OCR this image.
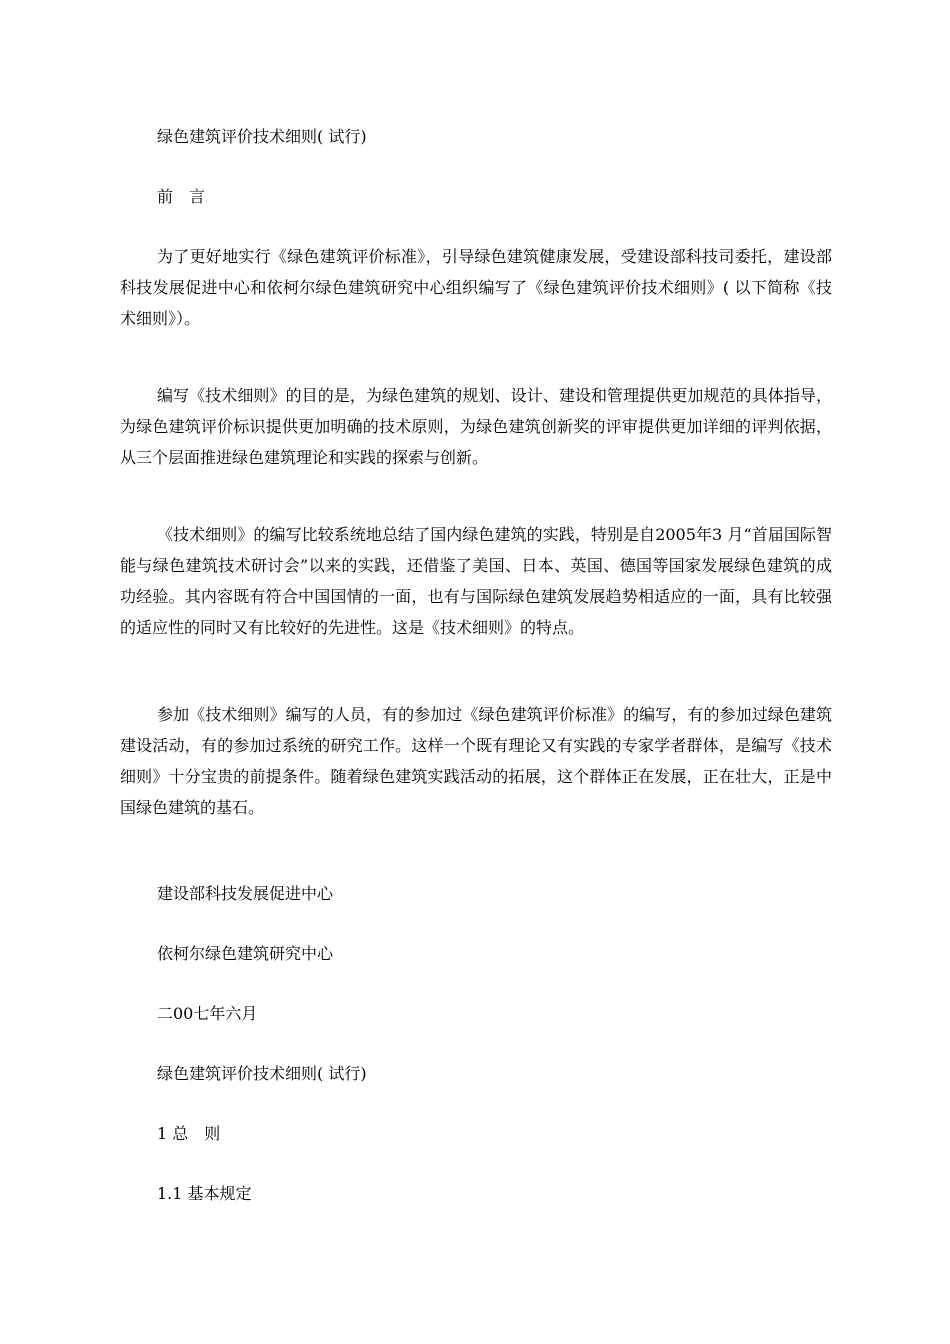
绿色建筑评价技术细则( 试行)
前　言
为了更好地实行《绿色建筑评价标准》，引导绿色建筑健康发展，受建设部科技司委托，建设部科技发展促进中心和依柯尔绿色建筑研究中心组织编写了《绿色建筑评价技术细则》( 以下简称《技术细则》）。
编写《技术细则》的目的是，为绿色建筑的规划、设计、建设和管理提供更加规范的具体指导，为绿色建筑评价标识提供更加明确的技术原则，为绿色建筑创新奖的评审提供更加详细的评判依据，从三个层面推进绿色建筑理论和实践的探索与创新。
《技术细则》的编写比较系统地总结了国内绿色建筑的实践，特别是自2005年3 月“首届国际智能与绿色建筑技术研讨会”以来的实践，还借鉴了美国、日本、英国、德国等国家发展绿色建筑的成功经验。其内容既有符合中国国情的一面，也有与国际绿色建筑发展趋势相适应的一面，具有比较强的适应性的同时又有比较好的先进性。这是《技术细则》的特点。
参加《技术细则》编写的人员，有的参加过《绿色建筑评价标准》的编写，有的参加过绿色建筑建设活动，有的参加过系统的研究工作。这样一个既有理论又有实践的专家学者群体，是编写《技术细则》十分宝贵的前提条件。随着绿色建筑实践活动的拓展，这个群体正在发展，正在壮大，正是中国绿色建筑的基石。
建设部科技发展促进中心
依柯尔绿色建筑研究中心
二00七年六月
绿色建筑评价技术细则( 试行)
1 总　则
1.1 基本规定
